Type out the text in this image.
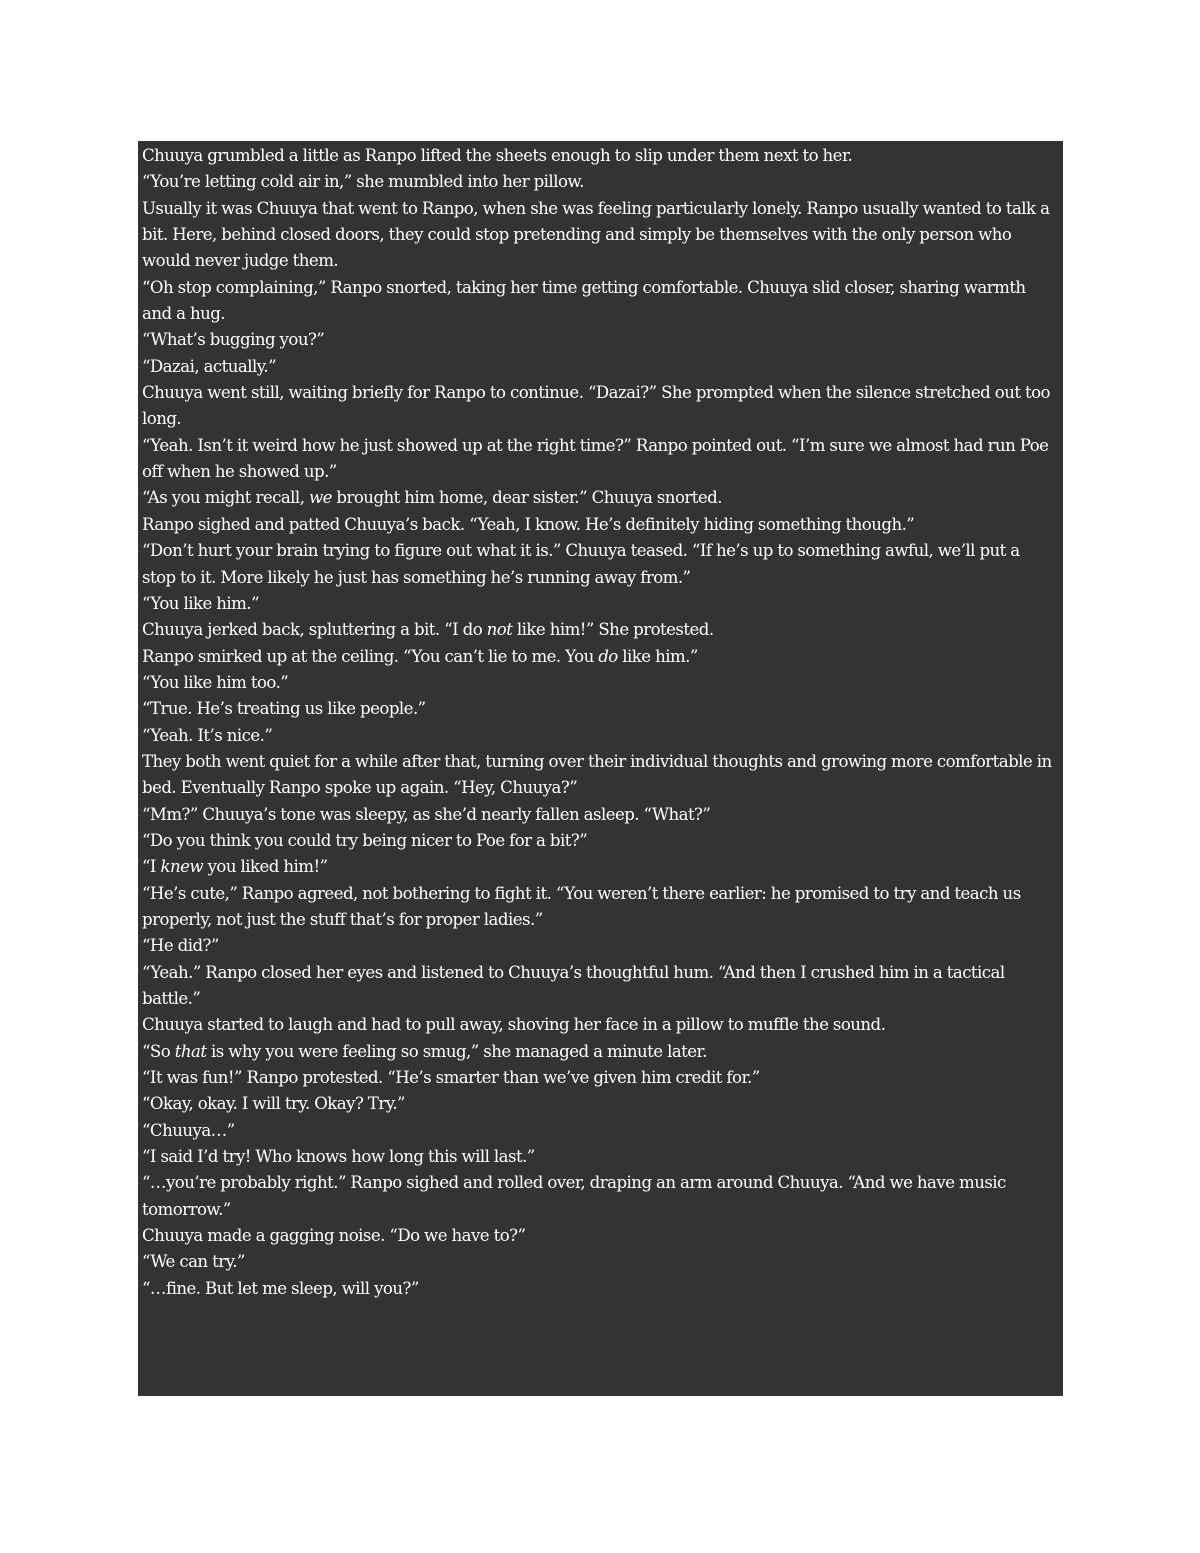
Chuuya grumbled a little as Ranpo lifted the sheets enough to slip under them next to her.

“You’re letting cold air in,” she mumbled into her pillow.

Usually it was Chuuya that went to Ranpo, when she was feeling particularly lonely. Ranpo usually wanted to talk a bit. Here, behind closed doors, they could stop pretending and simply be themselves with the only person who would never judge them.

“Oh stop complaining,” Ranpo snorted, taking her time getting comfortable. Chuuya slid closer, sharing warmth and a hug.

“What’s bugging you?”

“Dazai, actually.”

Chuuya went still, waiting briefly for Ranpo to continue. “Dazai?” She prompted when the silence stretched out too long.

“Yeah. Isn’t it weird how he just showed up at the right time?” Ranpo pointed out. “I’m sure we almost had run Poe off when he showed up.”

“As you might recall, we brought him home, dear sister.” Chuuya snorted.

Ranpo sighed and patted Chuuya’s back. “Yeah, I know. He’s definitely hiding something though.”

“Don’t hurt your brain trying to figure out what it is.” Chuuya teased. “If he’s up to something awful, we’ll put a stop to it. More likely he just has something he’s running away from.”

“You like him.”

Chuuya jerked back, spluttering a bit. “I do not like him!” She protested.

Ranpo smirked up at the ceiling. “You can’t lie to me. You do like him.”

“You like him too.”

“True. He’s treating us like people.”

“Yeah. It’s nice.”

They both went quiet for a while after that, turning over their individual thoughts and growing more comfortable in bed. Eventually Ranpo spoke up again. “Hey, Chuuya?”

“Mm?” Chuuya’s tone was sleepy, as she’d nearly fallen asleep. “What?”

“Do you think you could try being nicer to Poe for a bit?”

“I knew you liked him!”

“He’s cute,” Ranpo agreed, not bothering to fight it. “You weren’t there earlier: he promised to try and teach us properly, not just the stuff that’s for proper ladies.”

“He did?”

“Yeah.” Ranpo closed her eyes and listened to Chuuya’s thoughtful hum. “And then I crushed him in a tactical battle.”

Chuuya started to laugh and had to pull away, shoving her face in a pillow to muffle the sound.

“So that is why you were feeling so smug,” she managed a minute later.

“It was fun!” Ranpo protested. “He’s smarter than we’ve given him credit for.”

“Okay, okay. I will try. Okay? Try.”

“Chuuya…”

“I said I’d try! Who knows how long this will last.”

“…you’re probably right.” Ranpo sighed and rolled over, draping an arm around Chuuya. “And we have music tomorrow.”

Chuuya made a gagging noise. “Do we have to?”

“We can try.”

“…fine. But let me sleep, will you?”
